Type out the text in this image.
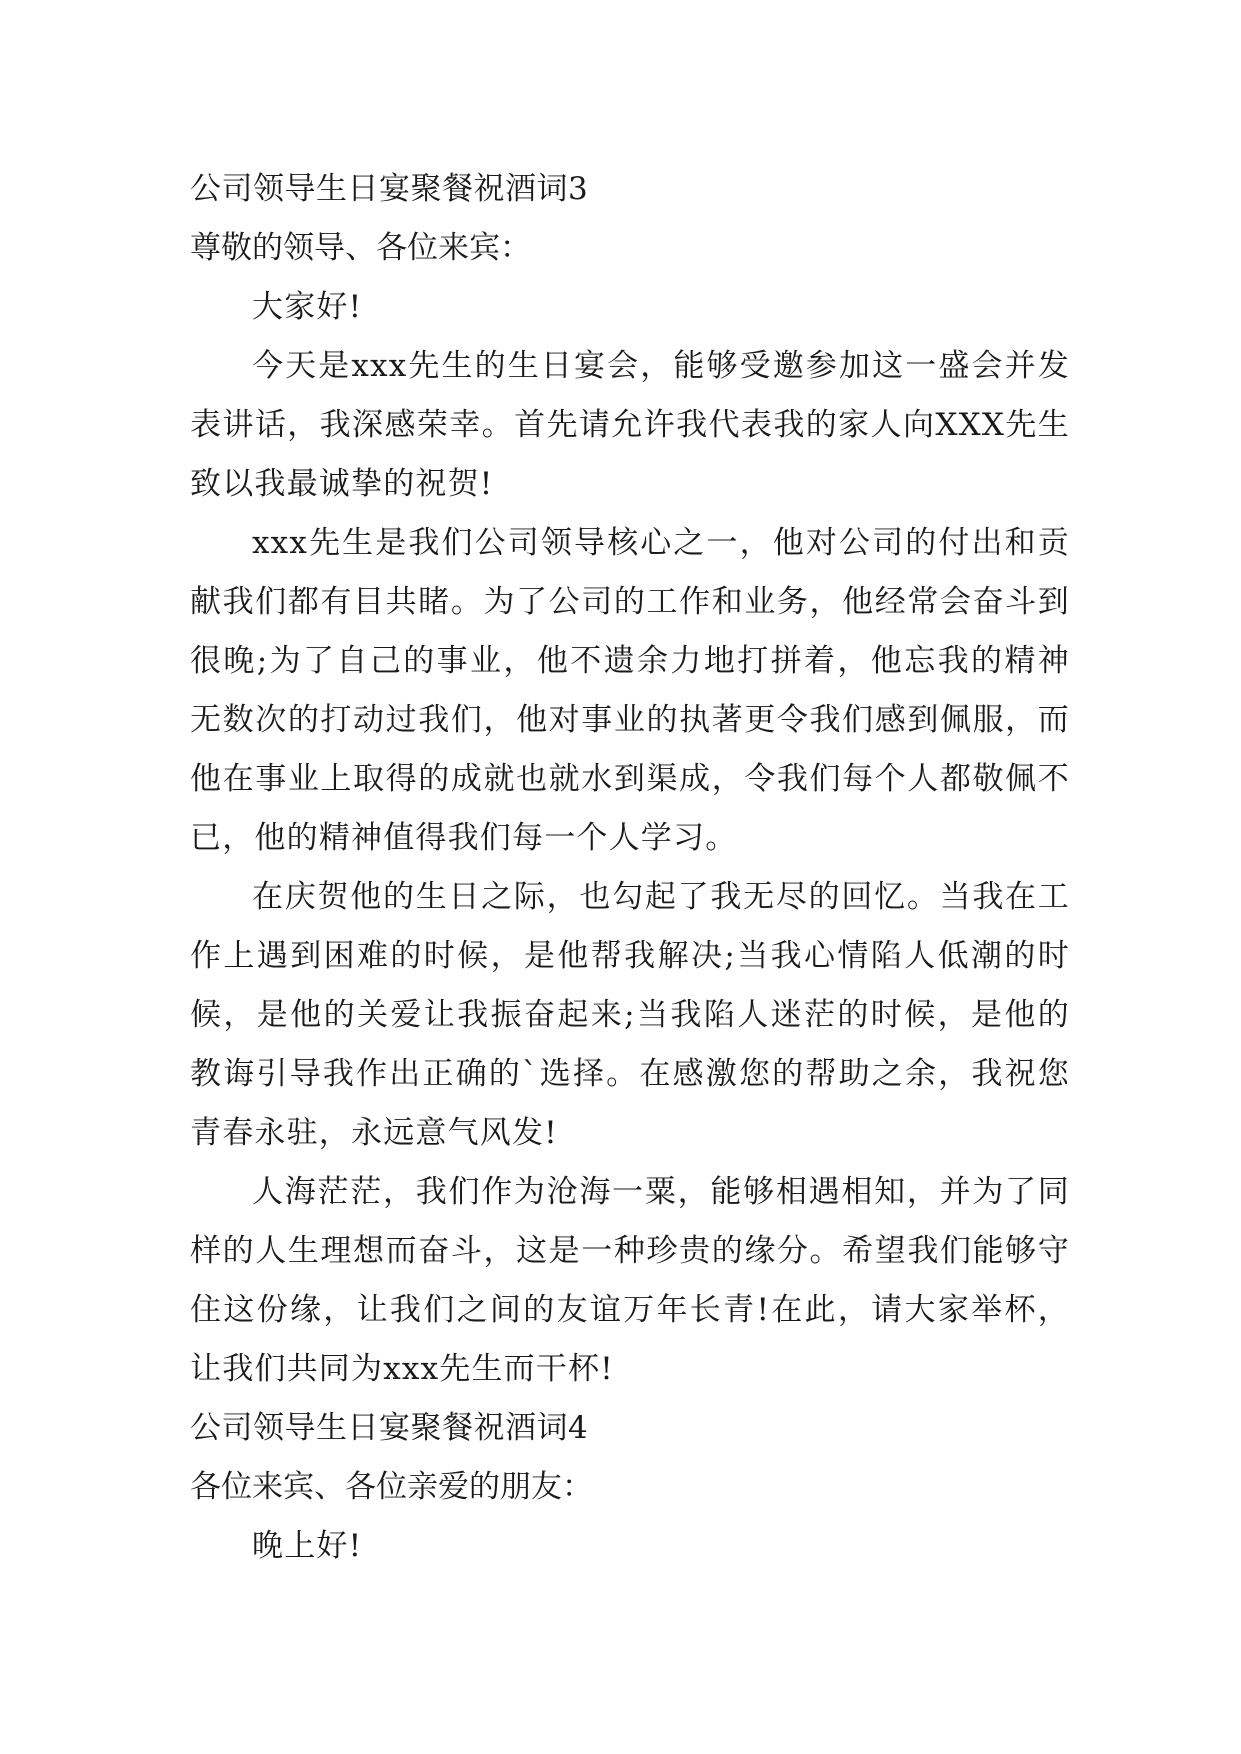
公司领导生日宴聚餐祝酒词3

尊敬的领导、各位来宾：

大家好!

今天是xxx先生的生日宴会，能够受邀参加这一盛会并发表讲话，我深感荣幸。首先请允许我代表我的家人向XXX先生致以我最诚挚的祝贺!

xxx先生是我们公司领导核心之一，他对公司的付出和贡献我们都有目共睹。为了公司的工作和业务，他经常会奋斗到很晚;为了自己的事业，他不遗余力地打拼着，他忘我的精神无数次的打动过我们，他对事业的执著更令我们感到佩服，而他在事业上取得的成就也就水到渠成，令我们每个人都敬佩不已，他的精神值得我们每一个人学习。

在庆贺他的生日之际，也勾起了我无尽的回忆。当我在工作上遇到困难的时候，是他帮我解决;当我心情陷人低潮的时候，是他的关爱让我振奋起来;当我陷人迷茫的时候，是他的教诲引导我作出正确的`选择。在感激您的帮助之余，我祝您青春永驻，永远意气风发!

人海茫茫，我们作为沧海一粟，能够相遇相知，并为了同样的人生理想而奋斗，这是一种珍贵的缘分。希望我们能够守住这份缘，让我们之间的友谊万年长青!在此，请大家举杯，让我们共同为xxx先生而干杯!

公司领导生日宴聚餐祝酒词4

各位来宾、各位亲爱的朋友：

晚上好!
